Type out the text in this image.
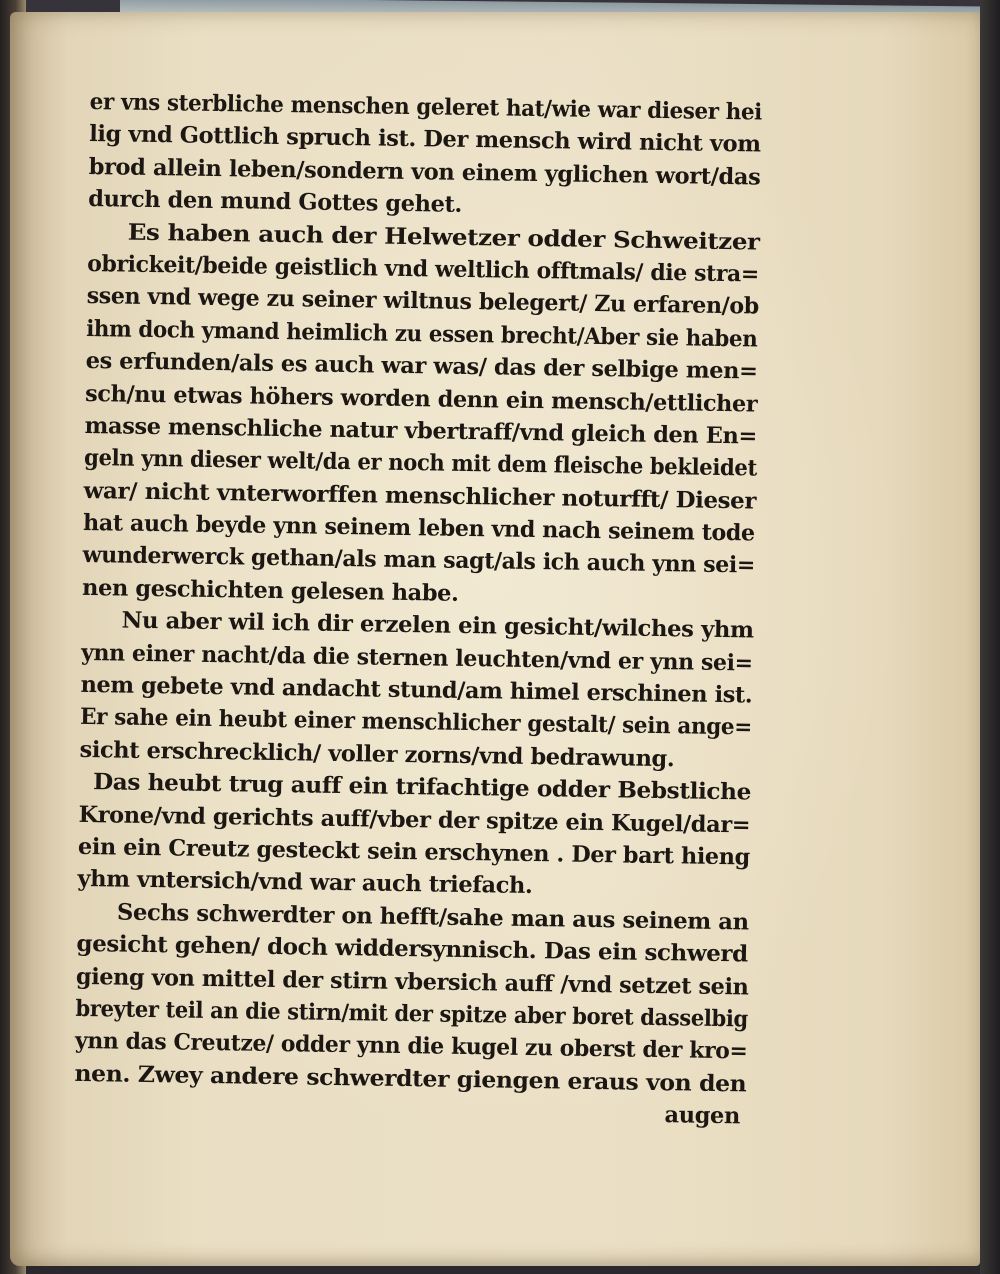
er vns sterbliche menschen geleret hat/wie war dieser hei
lig vnd Gottlich spruch ist. Der mensch wird nicht vom
brod allein leben/sondern von einem yglichen wort/das
durch den mund Gottes gehet.
Es haben auch der Helwetzer odder Schweitzer
obrickeit/beide geistlich vnd weltlich offtmals/ die stra=
ssen vnd wege zu seiner wiltnus belegert/ Zu erfaren/ob
ihm doch ymand heimlich zu essen brecht/Aber sie haben
es erfunden/als es auch war was/ das der selbige men=
sch/nu etwas höhers worden denn ein mensch/ettlicher
masse menschliche natur vbertraff/vnd gleich den En=
geln ynn dieser welt/da er noch mit dem fleische bekleidet
war/ nicht vnterworffen menschlicher noturfft/ Dieser
hat auch beyde ynn seinem leben vnd nach seinem tode
wunderwerck gethan/als man sagt/als ich auch ynn sei=
nen geschichten gelesen habe.
Nu aber wil ich dir erzelen ein gesicht/wilches yhm
ynn einer nacht/da die sternen leuchten/vnd er ynn sei=
nem gebete vnd andacht stund/am himel erschinen ist.
Er sahe ein heubt einer menschlicher gestalt/ sein ange=
sicht erschrecklich/ voller zorns/vnd bedrawung.
Das heubt trug auff ein trifachtige odder Bebstliche
Krone/vnd gerichts auff/vber der spitze ein Kugel/dar=
ein ein Creutz gesteckt sein erschynen . Der bart hieng
yhm vntersich/vnd war auch triefach.
Sechs schwerdter on hefft/sahe man aus seinem an
gesicht gehen/ doch widdersynnisch. Das ein schwerd
gieng von mittel der stirn vbersich auff /vnd setzet sein
breyter teil an die stirn/mit der spitze aber boret dasselbig
ynn das Creutze/ odder ynn die kugel zu oberst der kro=
nen. Zwey andere schwerdter giengen eraus von den
augen
